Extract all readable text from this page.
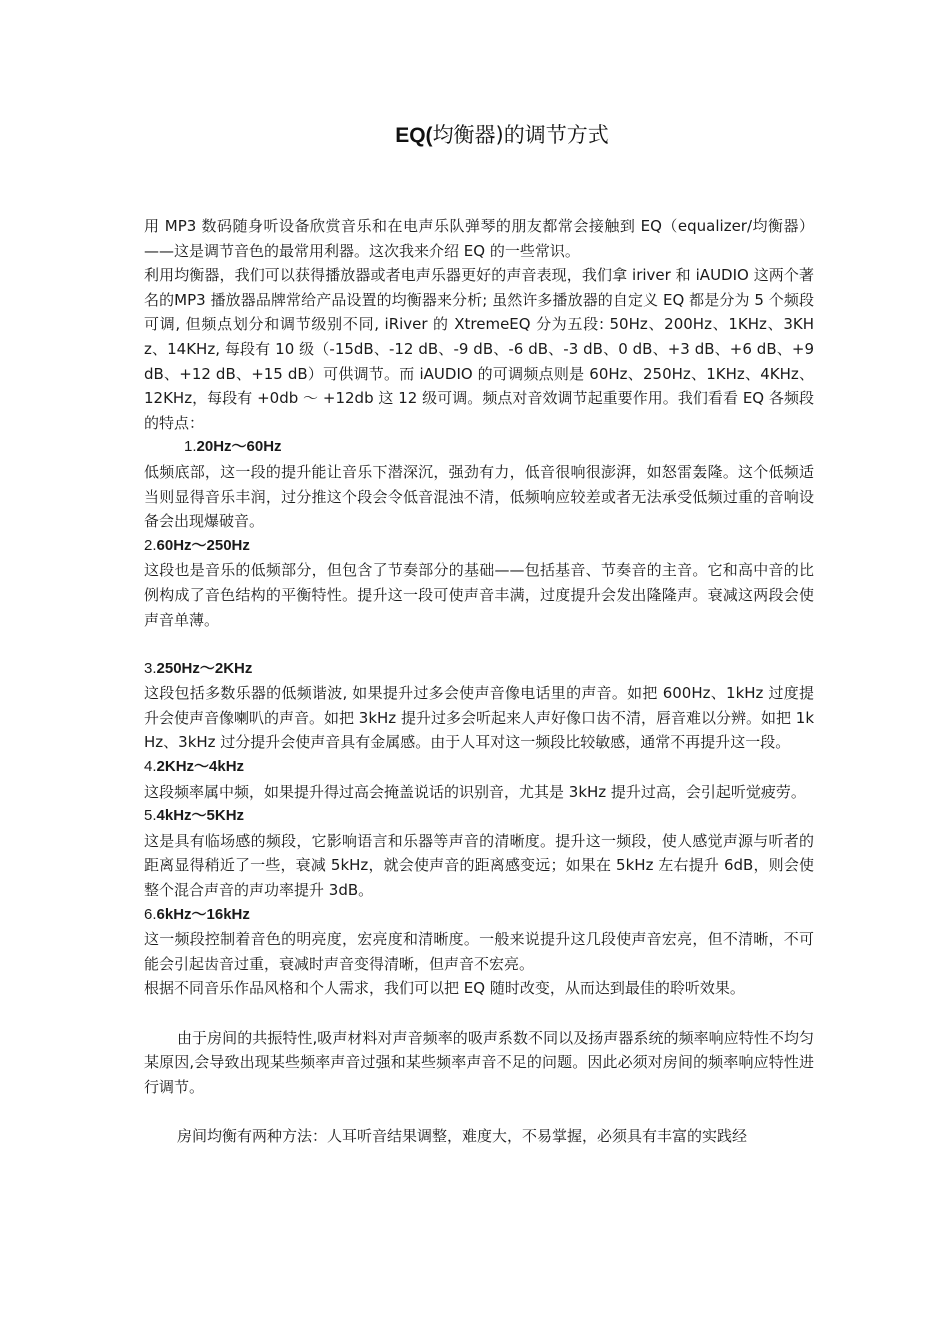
EQ(均衡器)的调节方式

用 MP3 数码随身听设备欣赏音乐和在电声乐队弹琴的朋友都常会接触到 EQ（equalizer/均衡器）——这是调节音色的最常用利器。这次我来介绍 EQ 的一些常识。

利用均衡器，我们可以获得播放器或者电声乐器更好的声音表现，我们拿 iriver 和 iAUDIO 这两个著名的MP3 播放器品牌常给产品设置的均衡器来分析; 虽然许多播放器的自定义 EQ 都是分为 5 个频段可调, 但频点划分和调节级别不同, iRiver 的 XtremeEQ 分为五段: 50Hz、200Hz、1KHz、3KHz、14KHz, 每段有 10 级（-15dB、-12 dB、-9 dB、-6 dB、-3 dB、0 dB、+3 dB、+6 dB、+9 dB、+12 dB、+15 dB）可供调节。而 iAUDIO 的可调频点则是 60Hz、250Hz、1KHz、4KHz、12KHz，每段有 +0db ～ +12db 这 12 级可调。频点对音效调节起重要作用。我们看看 EQ 各频段的特点：

1.20Hz～60Hz

低频底部，这一段的提升能让音乐下潜深沉，强劲有力，低音很响很澎湃，如怒雷轰隆。这个低频适当则显得音乐丰润，过分推这个段会令低音混浊不清，低频响应较差或者无法承受低频过重的音响设备会出现爆破音。

2.60Hz～250Hz

这段也是音乐的低频部分，但包含了节奏部分的基础——包括基音、节奏音的主音。它和高中音的比例构成了音色结构的平衡特性。提升这一段可使声音丰满，过度提升会发出隆隆声。衰减这两段会使声音单薄。

3.250Hz～2KHz

这段包括多数乐器的低频谐波, 如果提升过多会使声音像电话里的声音。如把 600Hz、1kHz 过度提升会使声音像喇叭的声音。如把 3kHz 提升过多会听起来人声好像口齿不清，唇音难以分辨。如把 1kHz、3kHz 过分提升会使声音具有金属感。由于人耳对这一频段比较敏感，通常不再提升这一段。

4.2KHz～4kHz

这段频率属中频，如果提升得过高会掩盖说话的识别音，尤其是 3kHz 提升过高，会引起听觉疲劳。

5.4kHz～5KHz

这是具有临场感的频段，它影响语言和乐器等声音的清晰度。提升这一频段，使人感觉声源与听者的距离显得稍近了一些，衰减 5kHz，就会使声音的距离感变远；如果在 5kHz 左右提升 6dB，则会使整个混合声音的声功率提升 3dB。

6.6kHz～16kHz

这一频段控制着音色的明亮度，宏亮度和清晰度。一般来说提升这几段使声音宏亮，但不清晰，不可能会引起齿音过重，衰减时声音变得清晰，但声音不宏亮。

根据不同音乐作品风格和个人需求，我们可以把 EQ 随时改变，从而达到最佳的聆听效果。

由于房间的共振特性,吸声材料对声音频率的吸声系数不同以及扬声器系统的频率响应特性不均匀某原因,会导致出现某些频率声音过强和某些频率声音不足的问题。因此必须对房间的频率响应特性进行调节。

房间均衡有两种方法：人耳听音结果调整，难度大，不易掌握，必须具有丰富的实践经
